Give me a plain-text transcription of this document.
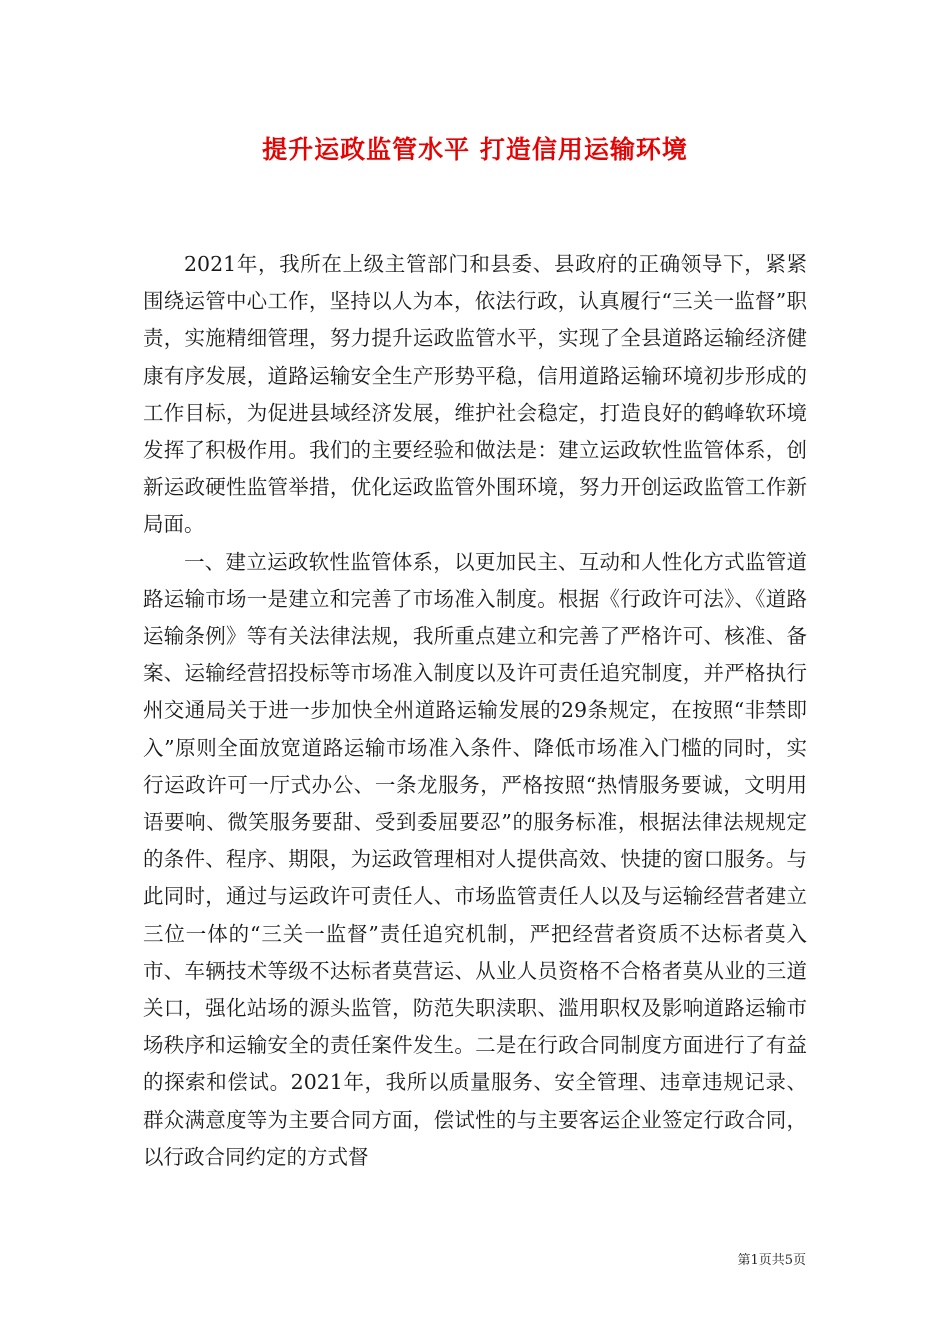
提升运政监管水平 打造信用运输环境

2021年，我所在上级主管部门和县委、县政府的正确领导下，紧紧围绕运管中心工作，坚持以人为本，依法行政，认真履行“三关一监督”职责，实施精细管理，努力提升运政监管水平，实现了全县道路运输经济健康有序发展，道路运输安全生产形势平稳，信用道路运输环境初步形成的工作目标，为促进县域经济发展，维护社会稳定，打造良好的鹤峰软环境发挥了积极作用。我们的主要经验和做法是：建立运政软性监管体系，创新运政硬性监管举措，优化运政监管外围环境，努力开创运政监管工作新局面。

一、建立运政软性监管体系，以更加民主、互动和人性化方式监管道路运输市场一是建立和完善了市场准入制度。根据《行政许可法》、《道路运输条例》等有关法律法规，我所重点建立和完善了严格许可、核准、备案、运输经营招投标等市场准入制度以及许可责任追究制度，并严格执行州交通局关于进一步加快全州道路运输发展的29条规定，在按照“非禁即入”原则全面放宽道路运输市场准入条件、降低市场准入门槛的同时，实行运政许可一厅式办公、一条龙服务，严格按照“热情服务要诚，文明用语要响、微笑服务要甜、受到委屈要忍”的服务标准，根据法律法规规定的条件、程序、期限，为运政管理相对人提供高效、快捷的窗口服务。与此同时，通过与运政许可责任人、市场监管责任人以及与运输经营者建立三位一体的“三关一监督”责任追究机制，严把经营者资质不达标者莫入市、车辆技术等级不达标者莫营运、从业人员资格不合格者莫从业的三道关口，强化站场的源头监管，防范失职渎职、滥用职权及影响道路运输市场秩序和运输安全的责任案件发生。二是在行政合同制度方面进行了有益的探索和偿试。2021年，我所以质量服务、安全管理、违章违规记录、群众满意度等为主要合同方面，偿试性的与主要客运企业签定行政合同，以行政合同约定的方式督

第1页共5页
